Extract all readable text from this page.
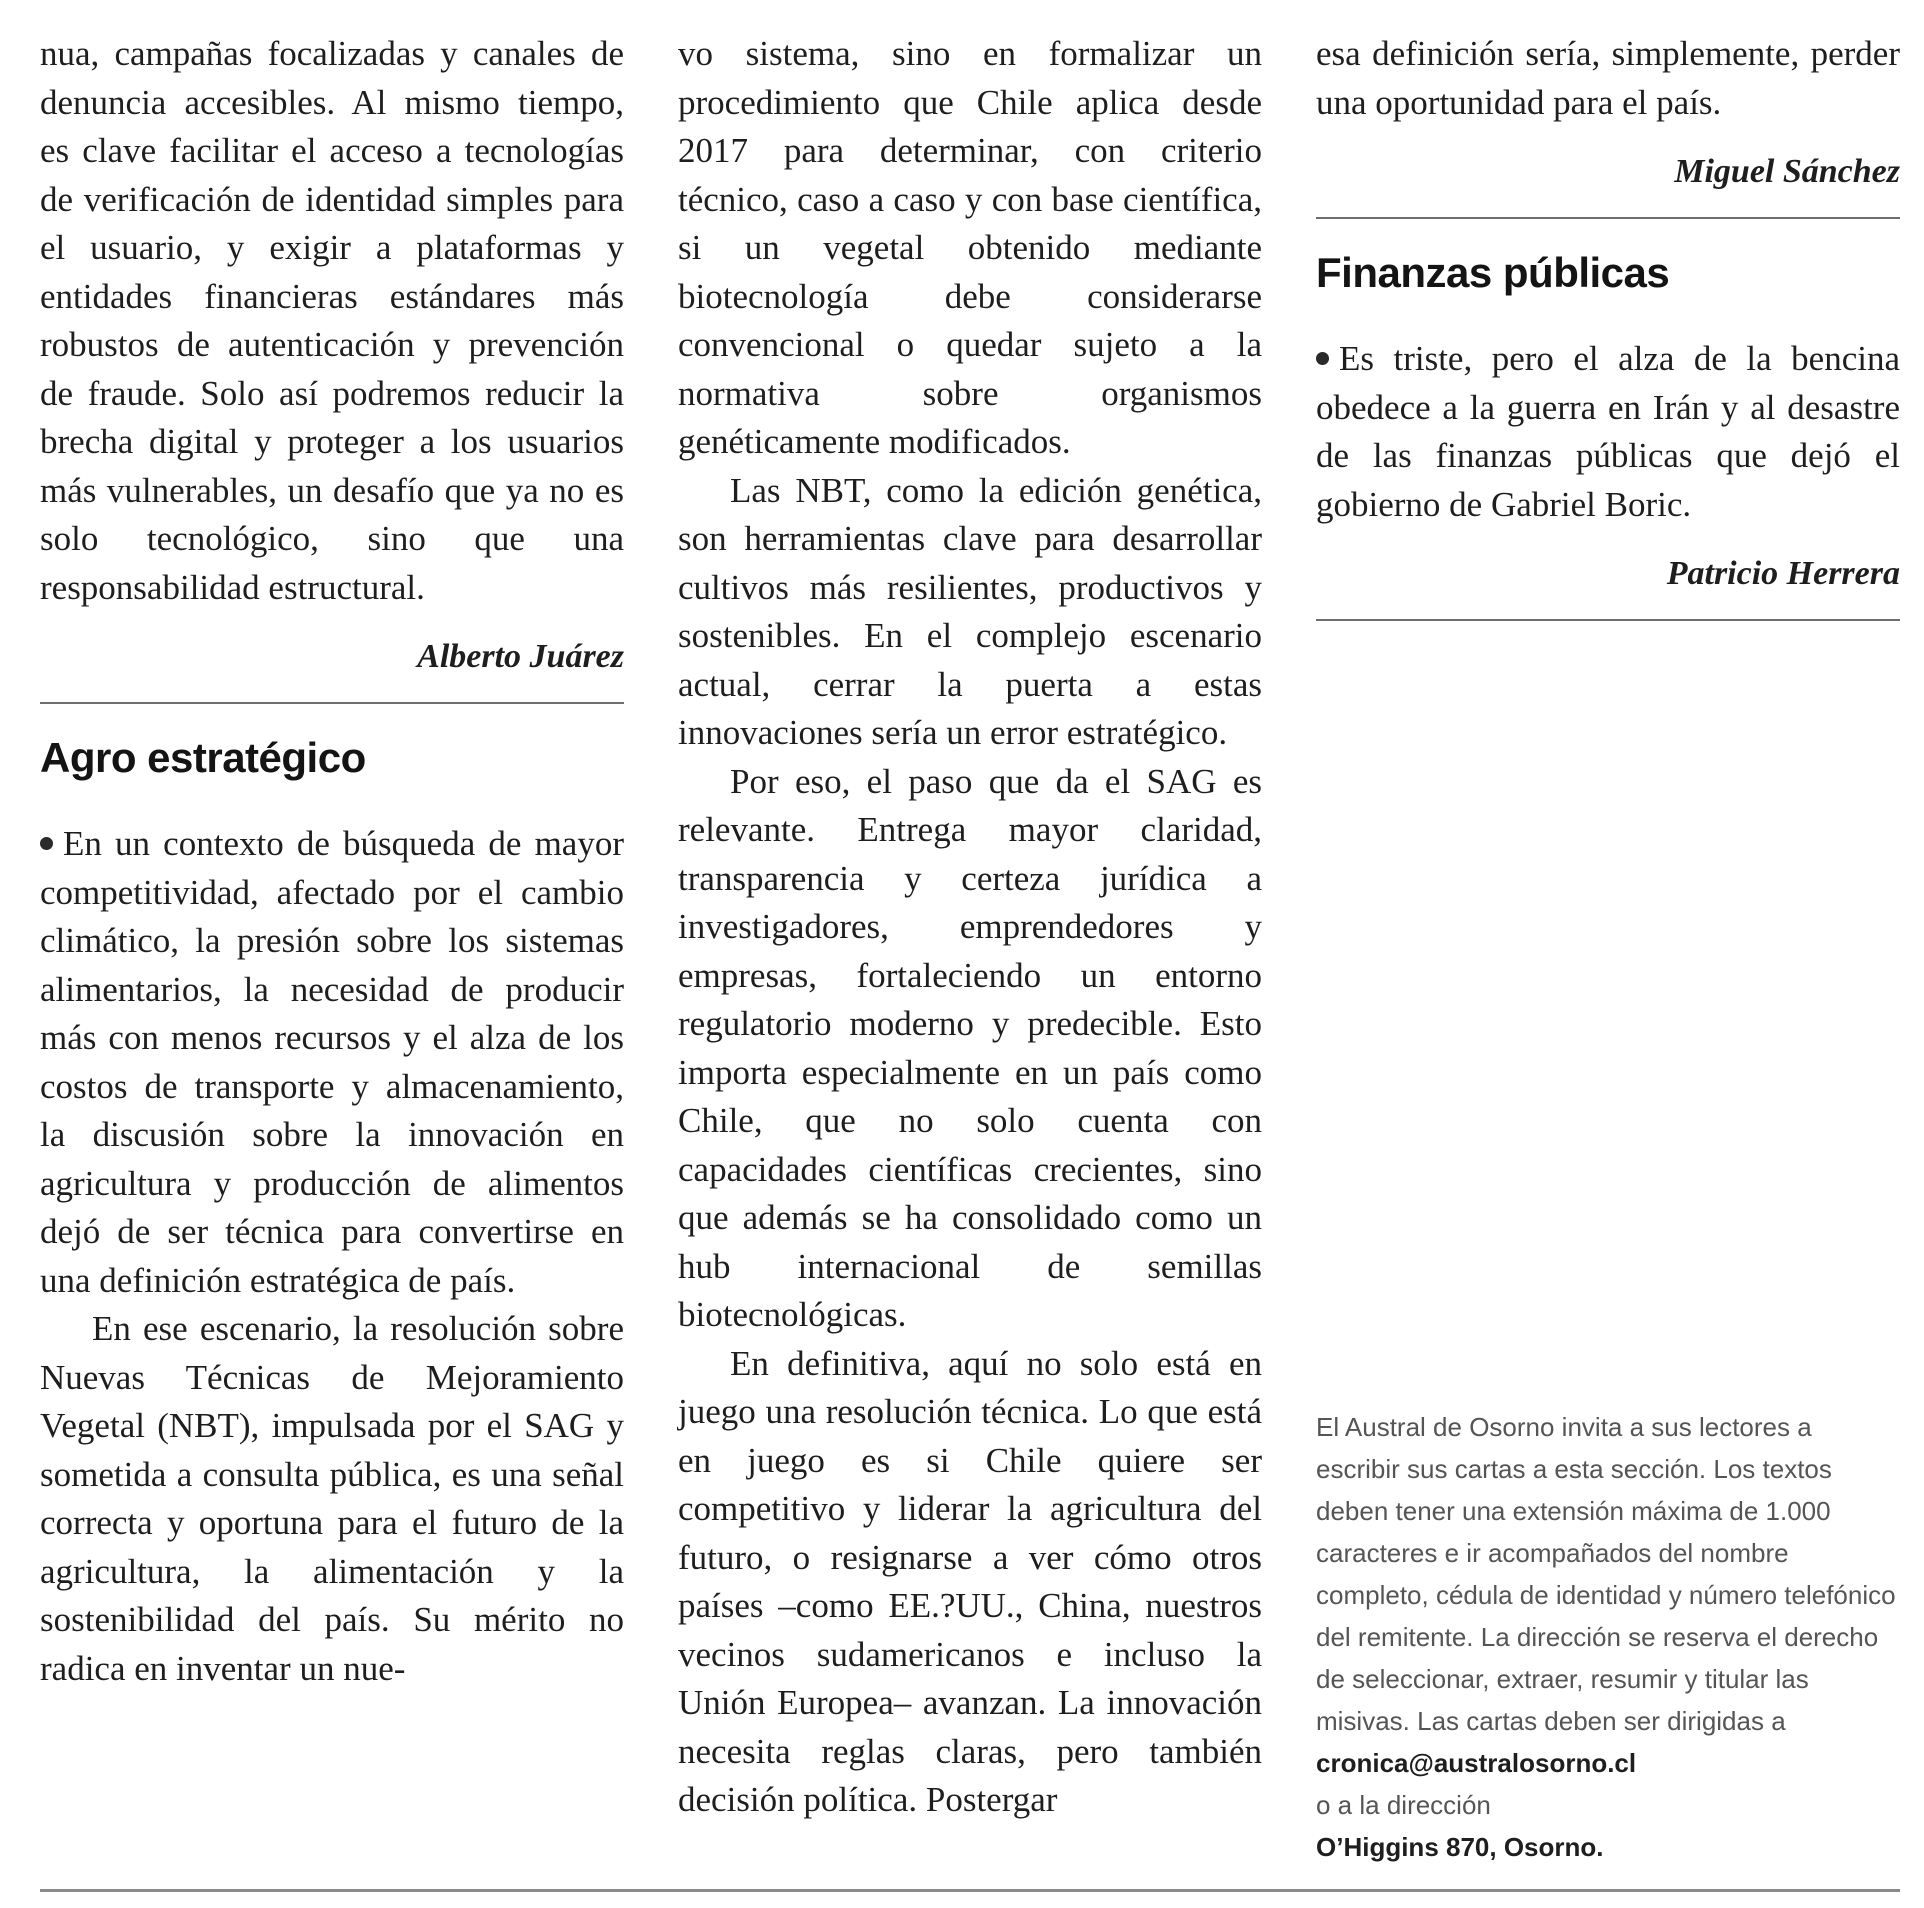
nua, campañas focalizadas y canales de denuncia accesibles. Al mismo tiempo, es clave facilitar el acceso a tecnologías de verificación de identidad simples para el usuario, y exigir a plataformas y entidades financieras estándares más robustos de autenticación y prevención de fraude. Solo así podremos reducir la brecha digital y proteger a los usuarios más vulnerables, un desafío que ya no es solo tecnológico, sino que una responsabilidad estructural.

Alberto Juárez

Agro estratégico

En un contexto de búsqueda de mayor competitividad, afectado por el cambio climático, la presión sobre los sistemas alimentarios, la necesidad de producir más con menos recursos y el alza de los costos de transporte y almacenamiento, la discusión sobre la innovación en agricultura y producción de alimentos dejó de ser técnica para convertirse en una definición estratégica de país.

En ese escenario, la resolución sobre Nuevas Técnicas de Mejoramiento Vegetal (NBT), impulsada por el SAG y sometida a consulta pública, es una señal correcta y oportuna para el futuro de la agricultura, la alimentación y la sostenibilidad del país. Su mérito no radica en inventar un nue-

vo sistema, sino en formalizar un procedimiento que Chile aplica desde 2017 para determinar, con criterio técnico, caso a caso y con base científica, si un vegetal obtenido mediante biotecnología debe considerarse convencional o quedar sujeto a la normativa sobre organismos genéticamente modificados.

Las NBT, como la edición genética, son herramientas clave para desarrollar cultivos más resilientes, productivos y sostenibles. En el complejo escenario actual, cerrar la puerta a estas innovaciones sería un error estratégico.

Por eso, el paso que da el SAG es relevante. Entrega mayor claridad, transparencia y certeza jurídica a investigadores, emprendedores y empresas, fortaleciendo un entorno regulatorio moderno y predecible. Esto importa especialmente en un país como Chile, que no solo cuenta con capacidades científicas crecientes, sino que además se ha consolidado como un hub internacional de semillas biotecnológicas.

En definitiva, aquí no solo está en juego una resolución técnica. Lo que está en juego es si Chile quiere ser competitivo y liderar la agricultura del futuro, o resignarse a ver cómo otros países –como EE.?UU., China, nuestros vecinos sudamericanos e incluso la Unión Europea– avanzan. La innovación necesita reglas claras, pero también decisión política. Postergar

esa definición sería, simplemente, perder una oportunidad para el país.

Miguel Sánchez

Finanzas públicas

Es triste, pero el alza de la bencina obedece a la guerra en Irán y al desastre de las finanzas públicas que dejó el gobierno de Gabriel Boric.

Patricio Herrera

El Austral de Osorno invita a sus lectores a escribir sus cartas a esta sección. Los textos deben tener una extensión máxima de 1.000 caracteres e ir acompañados del nombre completo, cédula de identidad y número telefónico del remitente. La dirección se reserva el derecho de seleccionar, extraer, resumir y titular las misivas. Las cartas deben ser dirigidas a

cronica@australosorno.cl

o a la dirección

O’Higgins 870, Osorno.
